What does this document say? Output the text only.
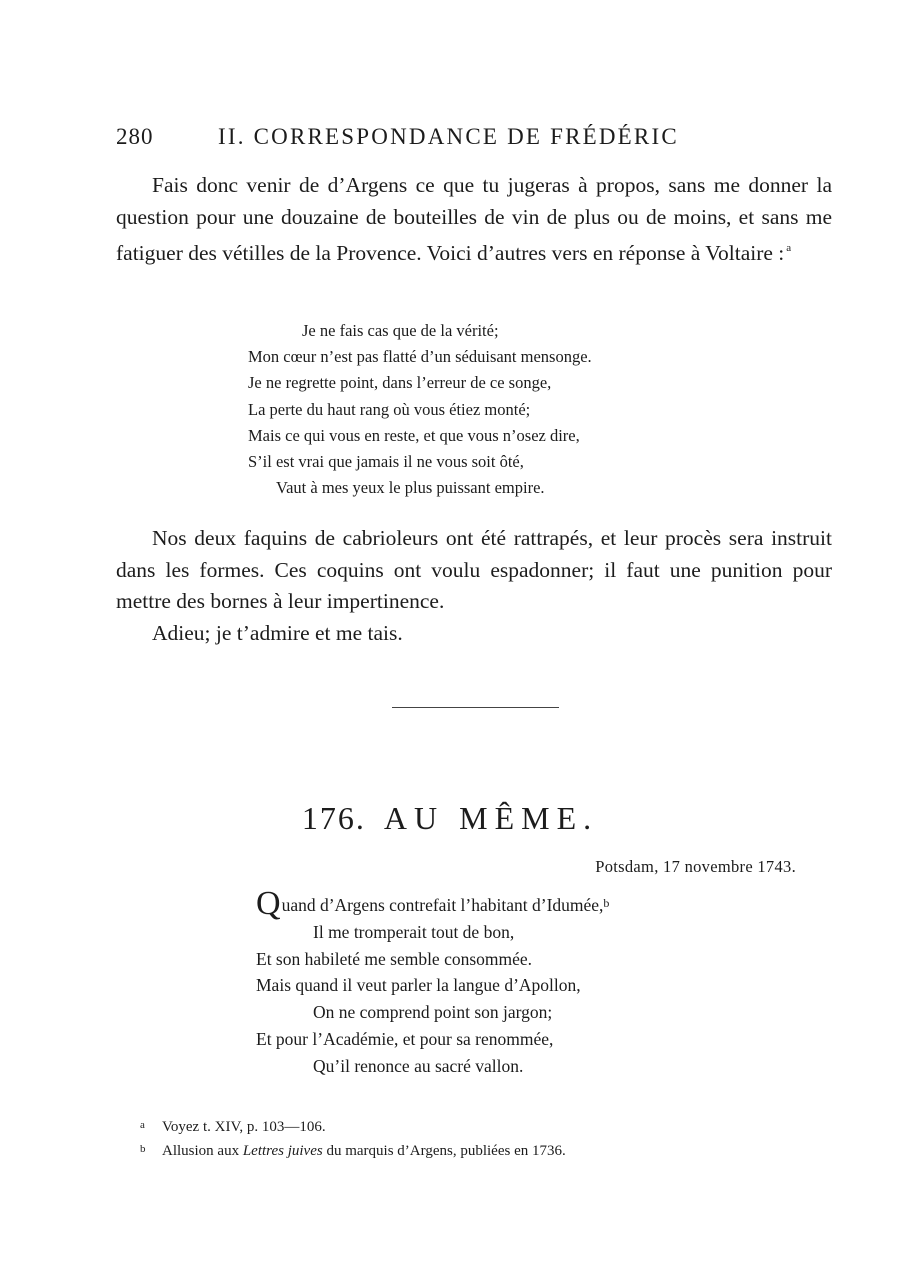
280	II. CORRESPONDANCE DE FRÉDÉRIC

Fais donc venir de d’Argens ce que tu jugeras à propos, sans me donner la question pour une douzaine de bouteilles de vin de plus ou de moins, et sans me fatiguer des vétilles de la Provence. Voici d’autres vers en réponse à Voltaire : $^a$

Je ne fais cas que de la vérité;
Mon cœur n’est pas flatté d’un séduisant mensonge.
Je ne regrette point, dans l’erreur de ce songe,
La perte du haut rang où vous étiez monté;
Mais ce qui vous en reste, et que vous n’osez dire,
S’il est vrai que jamais il ne vous soit ôté,
Vaut à mes yeux le plus puissant empire.

Nos deux faquins de cabrioleurs ont été rattrapés, et leur procès sera instruit dans les formes. Ces coquins ont voulu espadonner; il faut une punition pour mettre des bornes à leur impertinence.

Adieu; je t’admire et me tais.

176. AU MÊME.
Potsdam, 17 novembre 1743.
Quand d’Argens contrefait l’habitant d’Idumée,$^b$
Il me tromperait tout de bon,
Et son habileté me semble consommée.
Mais quand il veut parler la langue d’Apollon,
On ne comprend point son jargon;
Et pour l’Académie, et pour sa renommée,
Qu’il renonce au sacré vallon.
a Voyez t. XIV, p. 103—106.
b Allusion aux Lettres juives du marquis d’Argens, publiées en 1736.
